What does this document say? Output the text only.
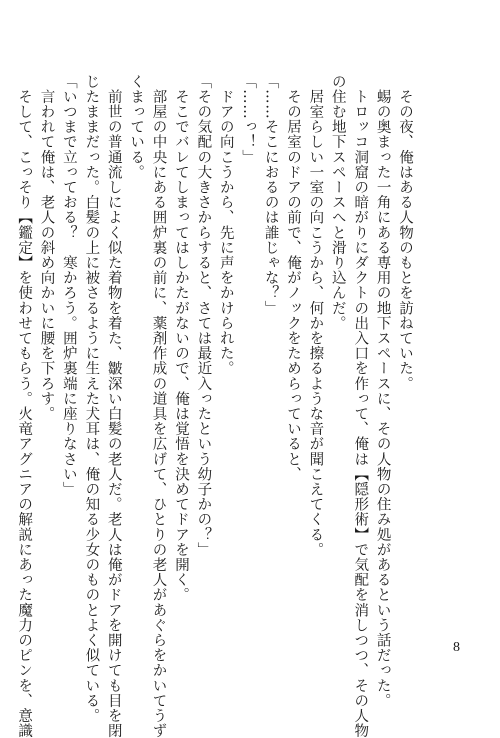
　その夜、俺はある人物のもとを訪ねていた。
　蜴の奥まった一角にある専用の地下スペースに、その人物の住み処があるという話だった。
　トロッコ洞窟の暗がりにダクトの出入口を作って、俺は【隠形術】で気配を消しつつ、その人物
の住む地下スペースへと滑り込んだ。
　居室らしい一室の向こうから、何かを擦るような音が聞こえてくる。
　その居室のドアの前で、俺がノックをためらっていると、
「……そこにおるのは誰じゃな？」
「……っ！」
　ドアの向こうから、先に声をかけられた。
「その気配の大きさからすると、さては最近入ったという幼子かの？」
　そこでバレてしまってはしかたがないので、俺は覚悟を決めてドアを開く。
　部屋の中央にある囲炉裏の前に、薬剤作成の道具を広げて、ひとりの老人があぐらをかいてうず
くまっている。
　前世の普通流しによく似た着物を着た、皺深い白髪の老人だ。老人は俺がドアを開けても目を閉
じたままだった。白髪の上に被さるように生えた犬耳は、俺の知る少女のものとよく似ている。
「いつまで立っておる？　寒かろう。囲炉裏端に座りなさい」
　言われて俺は、老人の斜め向かいに腰を下ろす。
　そして、こっそり【鑑定】を使わせてもらう。火竜アグニアの解説にあった魔力のピンを、意識	8
